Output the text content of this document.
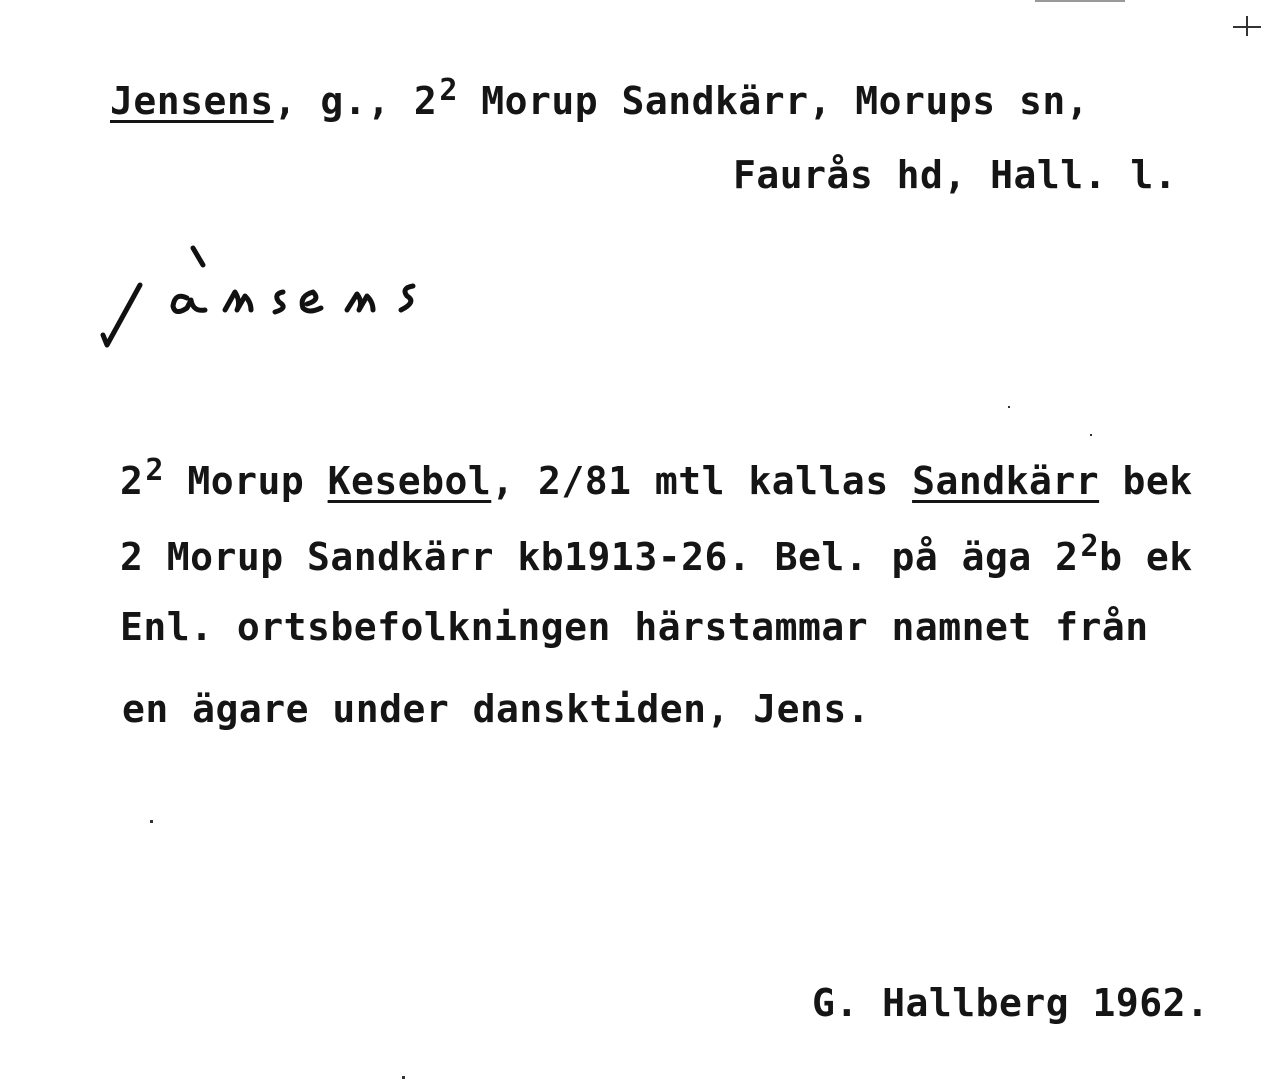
Jensens, g., $2^2$ Morup Sandkärr, Morups sn,
Faurås hd, Hall. l.
$2^2$ Morup Kesebol, 2/81 mtl kallas Sandkärr bek
2 Morup Sandkärr kb1913-26. Bel. på äga $2^2b$ ek
Enl. ortsbefolkningen härstammar namnet från
en ägare under dansktiden, Jens.
G. Hallberg 1962.
